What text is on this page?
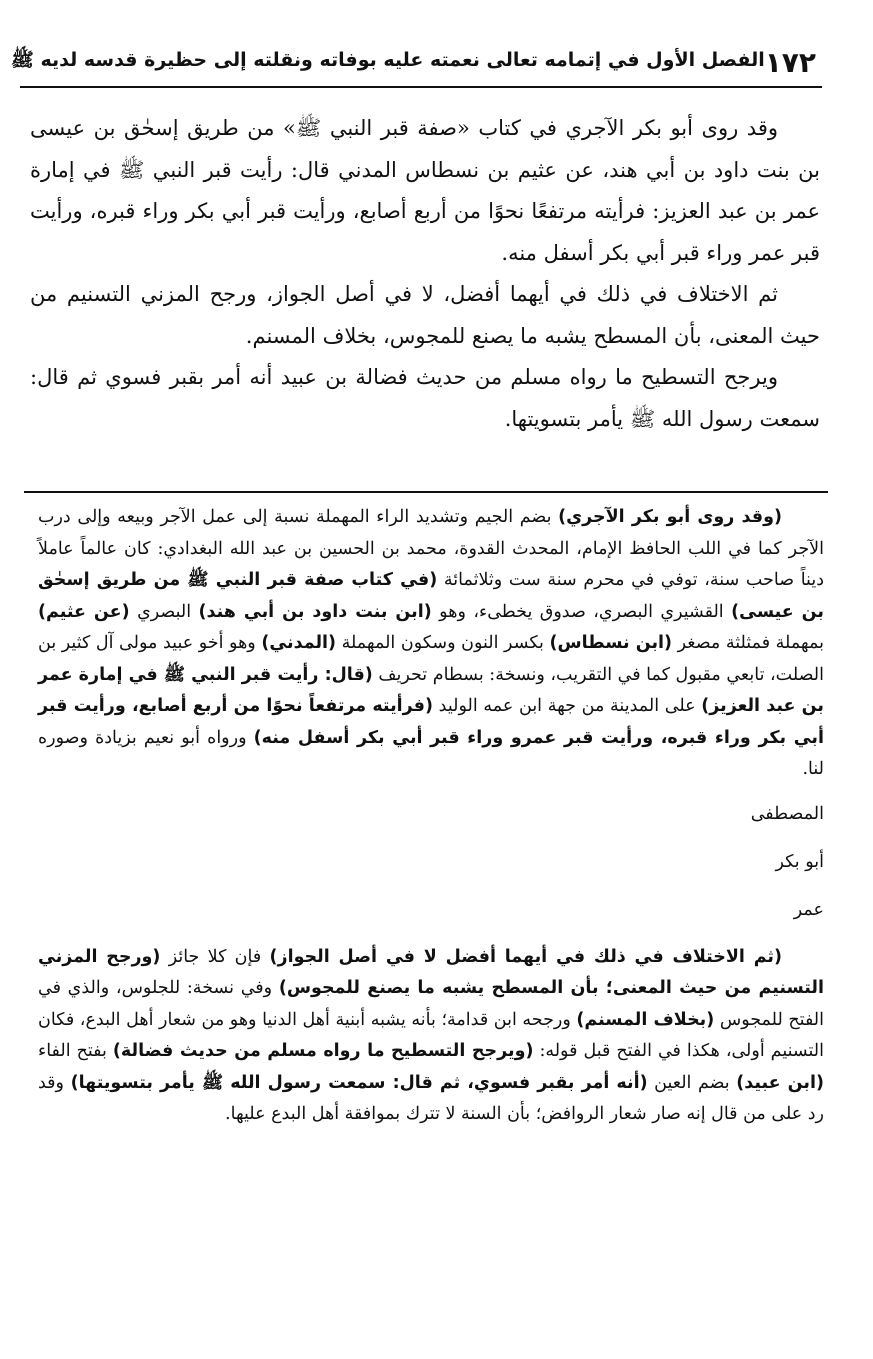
١٧٢
الفصل الأول في إتمامه تعالى نعمته عليه بوفاته ونقلته إلى حظيرة قدسه لديه ﷺ

وقد روى أبو بكر الآجري في كتاب «صفة قبر النبي ﷺ» من طريق إسحٰق بن عيسى بن بنت داود بن أبي هند، عن عثيم بن نسطاس المدني قال: رأيت قبر النبي ﷺ في إمارة عمر بن عبد العزيز: فرأيته مرتفعًا نحوًا من أربع أصابع، ورأيت قبر أبي بكر وراء قبره، ورأيت قبر عمر وراء قبر أبي بكر أسفل منه.

ثم الاختلاف في ذلك في أيهما أفضل، لا في أصل الجواز، ورجح المزني التسنيم من حيث المعنى، بأن المسطح يشبه ما يصنع للمجوس، بخلاف المسنم.

ويرجح التسطيح ما رواه مسلم من حديث فضالة بن عبيد أنه أمر بقبر فسوي ثم قال: سمعت رسول الله ﷺ يأمر بتسويتها.

(وقد روى أبو بكر الآجري) بضم الجيم وتشديد الراء المهملة نسبة إلى عمل الآجر وبيعه وإلى درب الآجر كما في اللب الحافظ الإمام، المحدث القدوة، محمد بن الحسين بن عبد الله البغدادي: كان عالماً عاملاً ديناً صاحب سنة، توفي في محرم سنة ست وثلاثمائة (في كتاب صفة قبر النبي ﷺ من طريق إسحٰق بن عيسى) القشيري البصري، صدوق يخطىء، وهو (ابن بنت داود بن أبي هند) البصري (عن عثيم) بمهملة فمثلثة مصغر (ابن نسطاس) بكسر النون وسكون المهملة (المدني) وهو أخو عبيد مولى آل كثير بن الصلت، تابعي مقبول كما في التقريب، ونسخة: بسطام تحريف (قال: رأيت قبر النبي ﷺ في إمارة عمر بن عبد العزيز) على المدينة من جهة ابن عمه الوليد (فرأيته مرتفعاً نحوًا من أربع أصابع، ورأيت قبر أبي بكر وراء قبره، ورأيت قبر عمرو وراء قبر أبي بكر أسفل منه) ورواه أبو نعيم بزيادة وصوره لنا.

المصطفى
أبو بكر
عمر

(ثم الاختلاف في ذلك في أيهما أفضل لا في أصل الجواز) فإن كلا جائز (ورجح المزني التسنيم من حيث المعنى؛ بأن المسطح يشبه ما يصنع للمجوس) وفي نسخة: للجلوس، والذي في الفتح للمجوس (بخلاف المسنم) ورجحه ابن قدامة؛ بأنه يشبه أبنية أهل الدنيا وهو من شعار أهل البدع، فكان التسنيم أولى، هكذا في الفتح قبل قوله: (ويرجح التسطيح ما رواه مسلم من حديث فضالة) بفتح الفاء (ابن عبيد) بضم العين (أنه أمر بقبر فسوي، ثم قال: سمعت رسول الله ﷺ يأمر بتسويتها) وقد رد على من قال إنه صار شعار الروافض؛ بأن السنة لا تترك بموافقة أهل البدع عليها.
